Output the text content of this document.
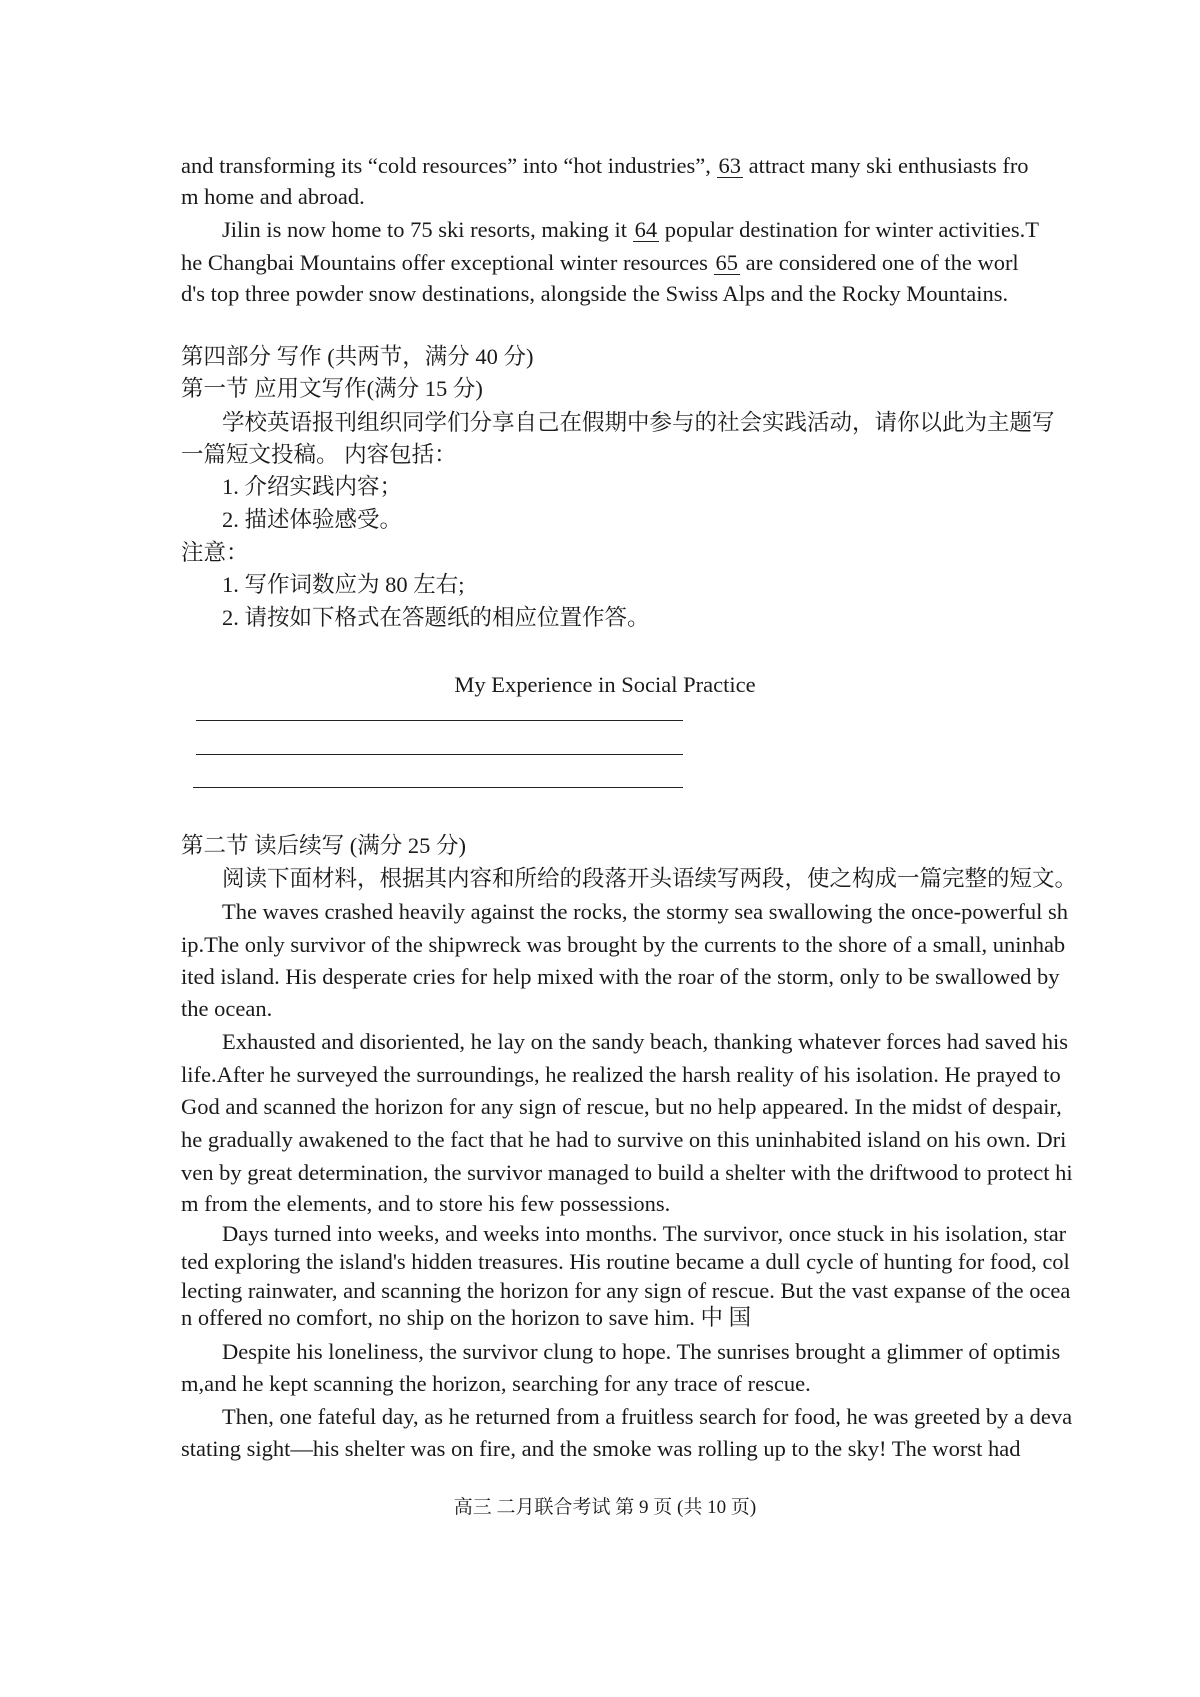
and transforming its “cold resources” into “hot industries”, 63 attract many ski enthusiasts fro
m home and abroad.
Jilin is now home to 75 ski resorts, making it 64 popular destination for winter activities.T
he Changbai Mountains offer exceptional winter resources 65 are considered one of the worl
d's top three powder snow destinations, alongside the Swiss Alps and the Rocky Mountains.
第四部分 写作 (共两节，满分 40 分)
第一节 应用文写作(满分 15 分)
学校英语报刊组织同学们分享自己在假期中参与的社会实践活动，请你以此为主题写
一篇短文投稿。 内容包括：
1. 介绍实践内容；
2. 描述体验感受。
注意：
1. 写作词数应为 80 左右;
2. 请按如下格式在答题纸的相应位置作答。
My Experience in Social Practice
第二节 读后续写 (满分 25 分)
阅读下面材料，根据其内容和所给的段落开头语续写两段，使之构成一篇完整的短文。
The waves crashed heavily against the rocks, the stormy sea swallowing the once-powerful sh
ip.The only survivor of the shipwreck was brought by the currents to the shore of a small, uninhab
ited island. His desperate cries for help mixed with the roar of the storm, only to be swallowed by
the ocean.
Exhausted and disoriented, he lay on the sandy beach, thanking whatever forces had saved his
life.After he surveyed the surroundings, he realized the harsh reality of his isolation. He prayed to
God and scanned the horizon for any sign of rescue, but no help appeared. In the midst of despair,
he gradually awakened to the fact that he had to survive on this uninhabited island on his own. Dri
ven by great determination, the survivor managed to build a shelter with the driftwood to protect hi
m from the elements, and to store his few possessions.
Days turned into weeks, and weeks into months. The survivor, once stuck in his isolation, star
ted exploring the island's hidden treasures. His routine became a dull cycle of hunting for food, col
lecting rainwater, and scanning the horizon for any sign of rescue. But the vast expanse of the ocea
n offered no comfort, no ship on the horizon to save him. 中 国
Despite his loneliness, the survivor clung to hope. The sunrises brought a glimmer of optimis
m,and he kept scanning the horizon, searching for any trace of rescue.
Then, one fateful day, as he returned from a fruitless search for food, he was greeted by a deva
stating sight—his shelter was on fire, and the smoke was rolling up to the sky! The worst had
高三 二月联合考试 第 9 页 (共 10 页)
